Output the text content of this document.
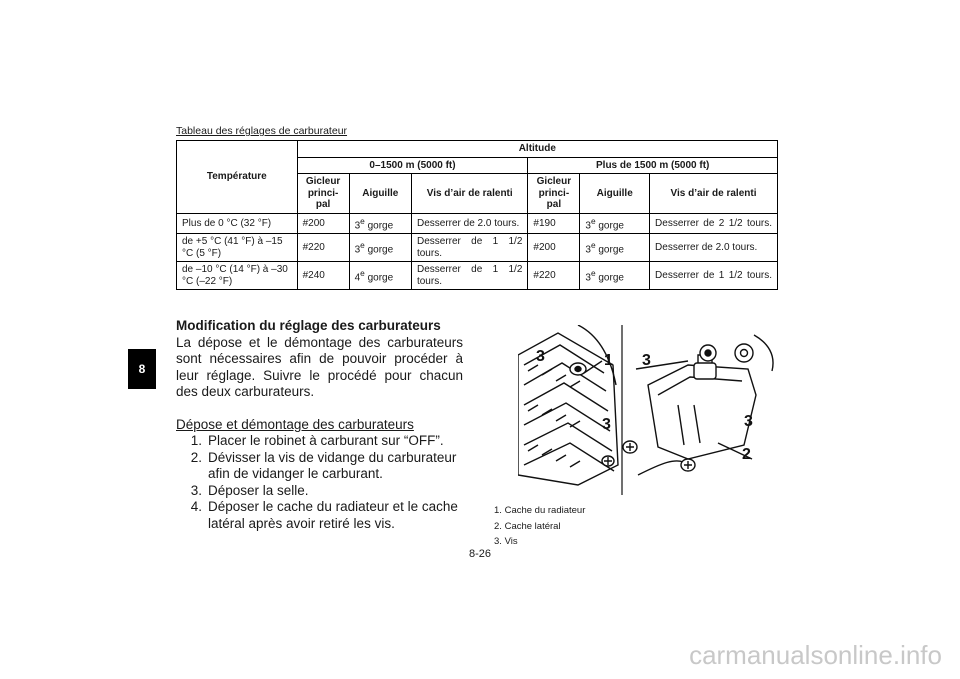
8
Tableau des réglages de carburateur
Température	Altitude					
	0–1500 m (5000 ft)			Plus de 1500 m (5000 ft)		
	Gicleur princi- pal	Aiguille	Vis d’air de ralenti	Gicleur princi- pal	Aiguille	Vis d’air de ralenti
Plus de 0 °C (32 °F)	#200	3e gorge	Desserrer de 2.0 tours.	#190	3e gorge	Desserrer de 2 1/2 tours.
de +5 °C (41 °F) à –15 °C (5 °F)	#220	3e gorge	Desserrer de 1 1/2 tours.	#200	3e gorge	Desserrer de 2.0 tours.
de –10 °C (14 °F) à –30 °C (–22 °F)	#240	4e gorge	Desserrer de 1 1/2 tours.	#220	3e gorge	Desserrer de 1 1/2 tours.
Modification du réglage des carburateurs

La dépose et le démontage des carburateurs sont nécessaires afin de pouvoir procéder à leur réglage. Suivre le procédé pour chacun des deux carburateurs.

Dépose et démontage des carburateurs

1. Placer le robinet à carburant sur “OFF”.
2. Dévisser la vis de vidange du carburateur afin de vidanger le carburant.
3. Déposer la selle.
4. Déposer le cache du radiateur et le cache latéral après avoir retiré les vis.
3	1 3
3	3
2
1. Cache du radiateur
2. Cache latéral
3. Vis
8-26
carmanualsonline.info
